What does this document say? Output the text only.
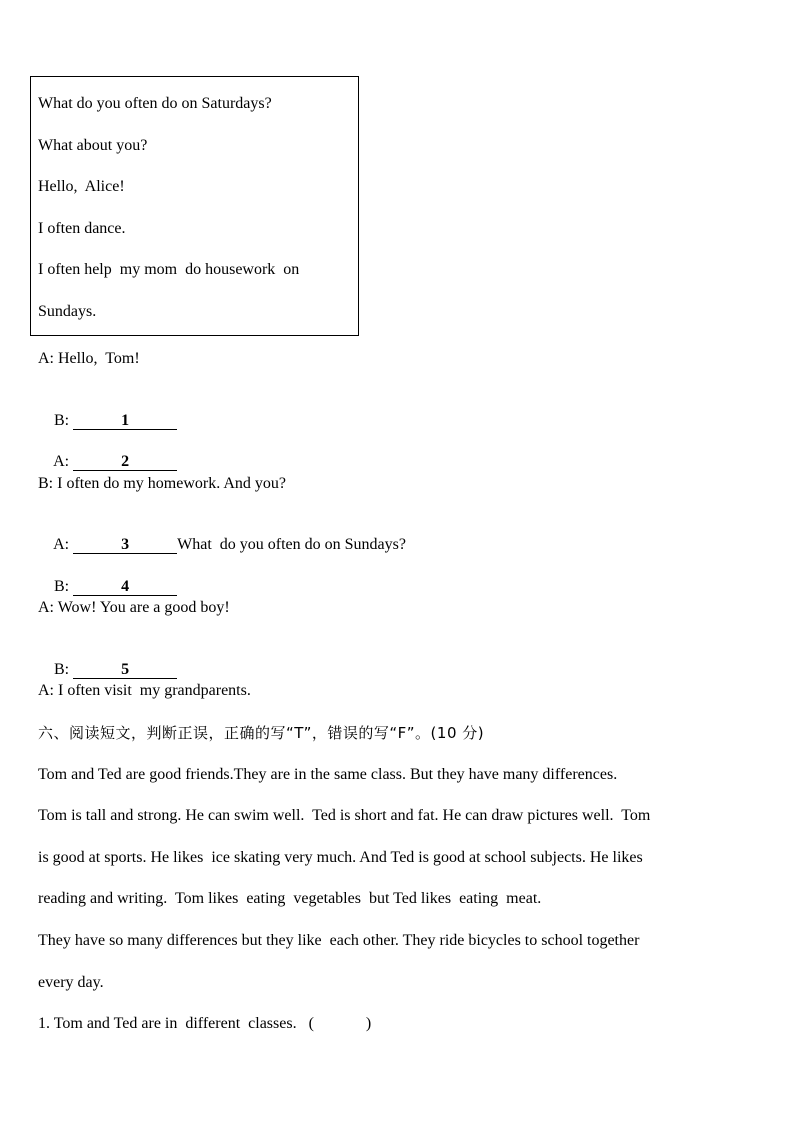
What do you often do on Saturdays?
What about you?
Hello,  Alice!
I often dance.
I often help  my mom  do housework  on
Sundays.
A: Hello,  Tom!

B:	1

A:	2

B: I often do my homework. And you?

A:	3	What  do you often do on Sundays?

B:	4

A: Wow! You are a good boy!

B:	5

A: I often visit  my grandparents.
六、阅读短文，判断正误，正确的写“T”，错误的写“F”。(10 分)
Tom and Ted are good friends.They are in the same class. But they have many differences.
Tom is tall and strong. He can swim well.  Ted is short and fat. He can draw pictures well.  Tom
is good at sports. He likes  ice skating very much. And Ted is good at school subjects. He likes
reading and writing.  Tom likes  eating  vegetables  but Ted likes  eating  meat.
They have so many differences but they like  each other. They ride bicycles to school together
every day.
1. Tom and Ted are in  different  classes.   (             )
